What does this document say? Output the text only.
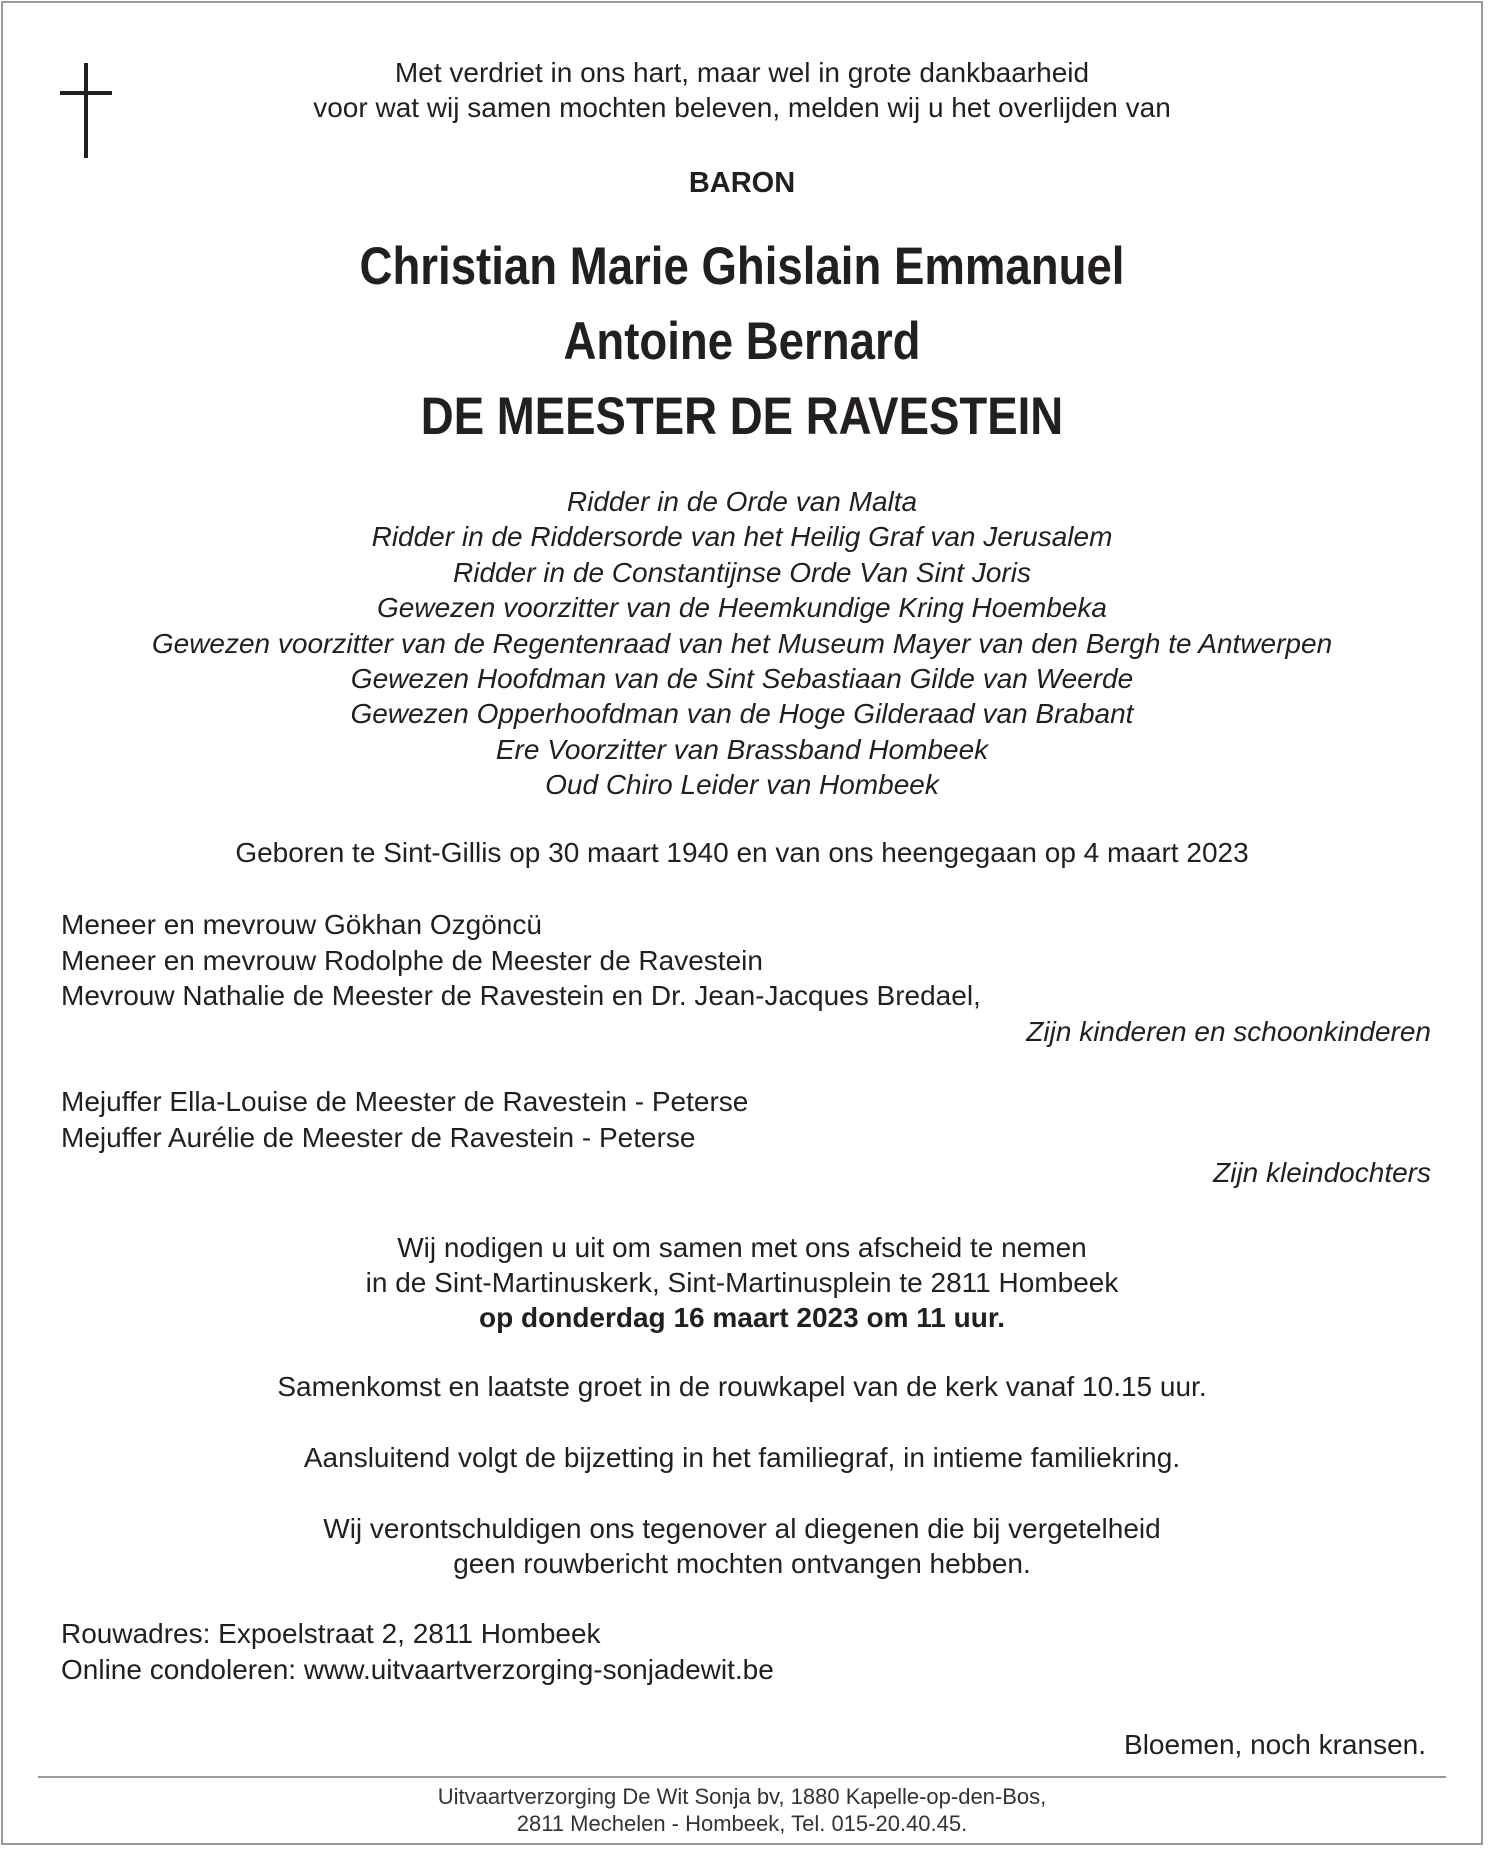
Met verdriet in ons hart, maar wel in grote dankbaarheid
voor wat wij samen mochten beleven, melden wij u het overlijden van
BARON
Christian Marie Ghislain Emmanuel
Antoine Bernard
DE MEESTER DE RAVESTEIN
Ridder in de Orde van Malta
Ridder in de Riddersorde van het Heilig Graf van Jerusalem
Ridder in de Constantijnse Orde Van Sint Joris
Gewezen voorzitter van de Heemkundige Kring Hoembeka
Gewezen voorzitter van de Regentenraad van het Museum Mayer van den Bergh te Antwerpen
Gewezen Hoofdman van de Sint Sebastiaan Gilde van Weerde
Gewezen Opperhoofdman van de Hoge Gilderaad van Brabant
Ere Voorzitter van Brassband Hombeek
Oud Chiro Leider van Hombeek
Geboren te Sint-Gillis op 30 maart 1940 en van ons heengegaan op 4 maart 2023
Meneer en mevrouw Gökhan Ozgöncü
Meneer en mevrouw Rodolphe de Meester de Ravestein
Mevrouw Nathalie de Meester de Ravestein en Dr. Jean-Jacques Bredael,
Zijn kinderen en schoonkinderen
Mejuffer Ella-Louise de Meester de Ravestein - Peterse
Mejuffer Aurélie de Meester de Ravestein - Peterse
Zijn kleindochters
Wij nodigen u uit om samen met ons afscheid te nemen
in de Sint-Martinuskerk, Sint-Martinusplein te 2811 Hombeek
op donderdag 16 maart 2023 om 11 uur.
Samenkomst en laatste groet in de rouwkapel van de kerk vanaf 10.15 uur.
Aansluitend volgt de bijzetting in het familiegraf, in intieme familiekring.
Wij verontschuldigen ons tegenover al diegenen die bij vergetelheid
geen rouwbericht mochten ontvangen hebben.
Rouwadres: Expoelstraat 2, 2811 Hombeek
Online condoleren: www.uitvaartverzorging-sonjadewit.be
Bloemen, noch kransen.
Uitvaartverzorging De Wit Sonja bv, 1880 Kapelle-op-den-Bos,
2811 Mechelen - Hombeek, Tel. 015-20.40.45.
